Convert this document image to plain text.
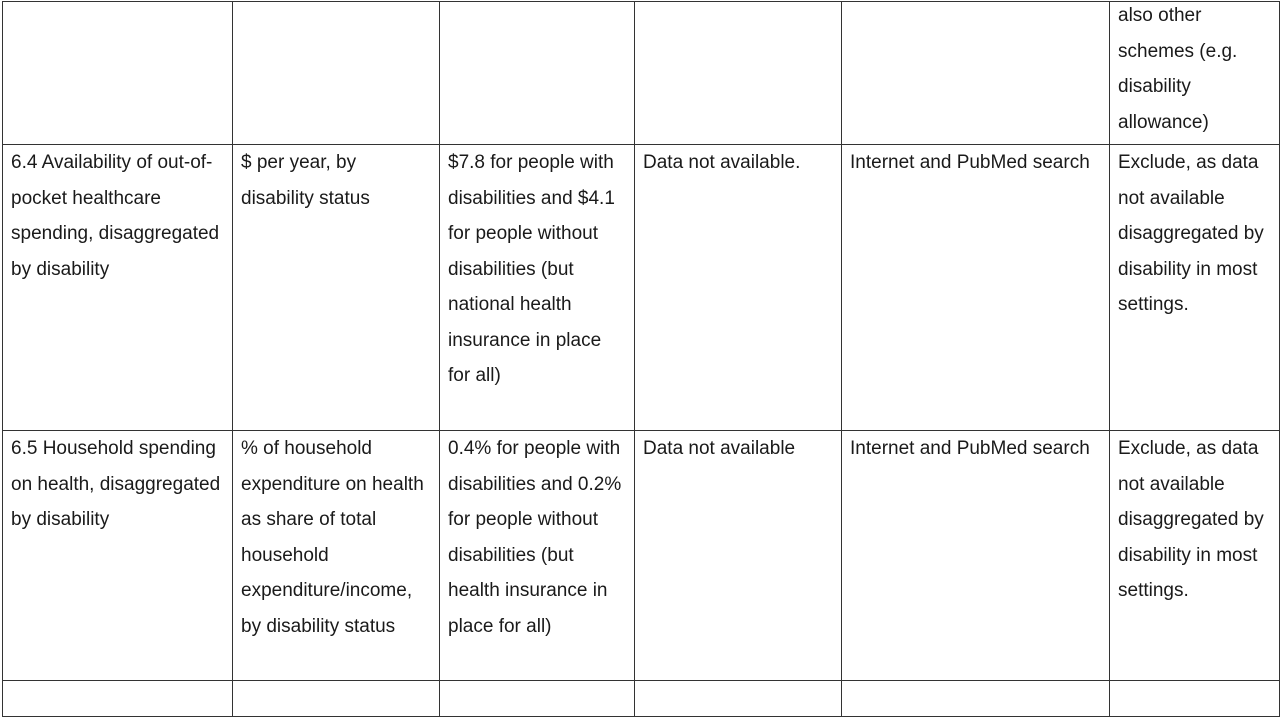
					also other schemes (e.g. disability allowance)

6.4 Availability of out-of-pocket healthcare spending, disaggregated by disability	$ per year, by disability status	$7.8 for people with disabilities and $4.1 for people without disabilities (but national health insurance in place for all)	Data not available.	Internet and PubMed search	Exclude, as data not available disaggregated by disability in most settings.
6.5 Household spending on health, disaggregated by disability	% of household expenditure on health as share of total household expenditure/income, by disability status	0.4% for people with disabilities and 0.2% for people without disabilities (but health insurance in place for all)	Data not available	Internet and PubMed search	Exclude, as data not available disaggregated by disability in most settings.
